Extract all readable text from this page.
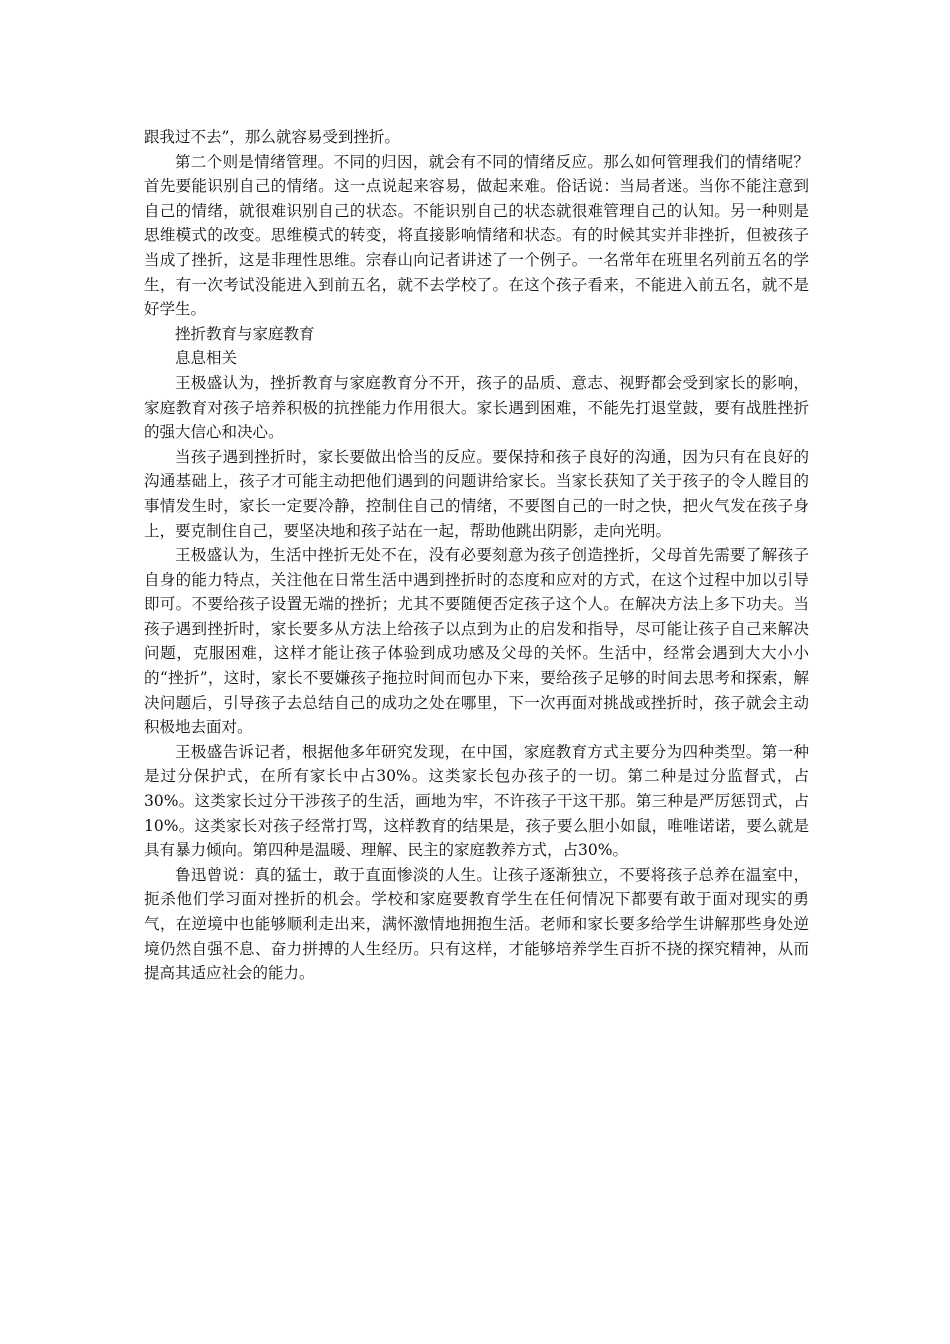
跟我过不去”，那么就容易受到挫折。

第二个则是情绪管理。不同的归因，就会有不同的情绪反应。那么如何管理我们的情绪呢？首先要能识别自己的情绪。这一点说起来容易，做起来难。俗话说：当局者迷。当你不能注意到自己的情绪，就很难识别自己的状态。不能识别自己的状态就很难管理自己的认知。另一种则是思维模式的改变。思维模式的转变，将直接影响情绪和状态。有的时候其实并非挫折，但被孩子当成了挫折，这是非理性思维。宗春山向记者讲述了一个例子。一名常年在班里名列前五名的学生，有一次考试没能进入到前五名，就不去学校了。在这个孩子看来，不能进入前五名，就不是好学生。

挫折教育与家庭教育

息息相关

王极盛认为，挫折教育与家庭教育分不开，孩子的品质、意志、视野都会受到家长的影响，家庭教育对孩子培养积极的抗挫能力作用很大。家长遇到困难，不能先打退堂鼓，要有战胜挫折的强大信心和决心。

当孩子遇到挫折时，家长要做出恰当的反应。要保持和孩子良好的沟通，因为只有在良好的沟通基础上，孩子才可能主动把他们遇到的问题讲给家长。当家长获知了关于孩子的令人瞠目的事情发生时，家长一定要冷静，控制住自己的情绪，不要图自己的一时之快，把火气发在孩子身上，要克制住自己，要坚决地和孩子站在一起，帮助他跳出阴影，走向光明。

王极盛认为，生活中挫折无处不在，没有必要刻意为孩子创造挫折，父母首先需要了解孩子自身的能力特点，关注他在日常生活中遇到挫折时的态度和应对的方式，在这个过程中加以引导即可。不要给孩子设置无端的挫折；尤其不要随便否定孩子这个人。在解决方法上多下功夫。当孩子遇到挫折时，家长要多从方法上给孩子以点到为止的启发和指导，尽可能让孩子自己来解决问题，克服困难，这样才能让孩子体验到成功感及父母的关怀。生活中，经常会遇到大大小小的“挫折”，这时，家长不要嫌孩子拖拉时间而包办下来，要给孩子足够的时间去思考和探索，解决问题后，引导孩子去总结自己的成功之处在哪里，下一次再面对挑战或挫折时，孩子就会主动积极地去面对。

王极盛告诉记者，根据他多年研究发现，在中国，家庭教育方式主要分为四种类型。第一种是过分保护式，在所有家长中占30%。这类家长包办孩子的一切。第二种是过分监督式，占30%。这类家长过分干涉孩子的生活，画地为牢，不许孩子干这干那。第三种是严厉惩罚式，占10%。这类家长对孩子经常打骂，这样教育的结果是，孩子要么胆小如鼠，唯唯诺诺，要么就是具有暴力倾向。第四种是温暖、理解、民主的家庭教养方式，占30%。

鲁迅曾说：真的猛士，敢于直面惨淡的人生。让孩子逐渐独立，不要将孩子总养在温室中，扼杀他们学习面对挫折的机会。学校和家庭要教育学生在任何情况下都要有敢于面对现实的勇气，在逆境中也能够顺利走出来，满怀激情地拥抱生活。老师和家长要多给学生讲解那些身处逆境仍然自强不息、奋力拼搏的人生经历。只有这样，才能够培养学生百折不挠的探究精神，从而提高其适应社会的能力。
